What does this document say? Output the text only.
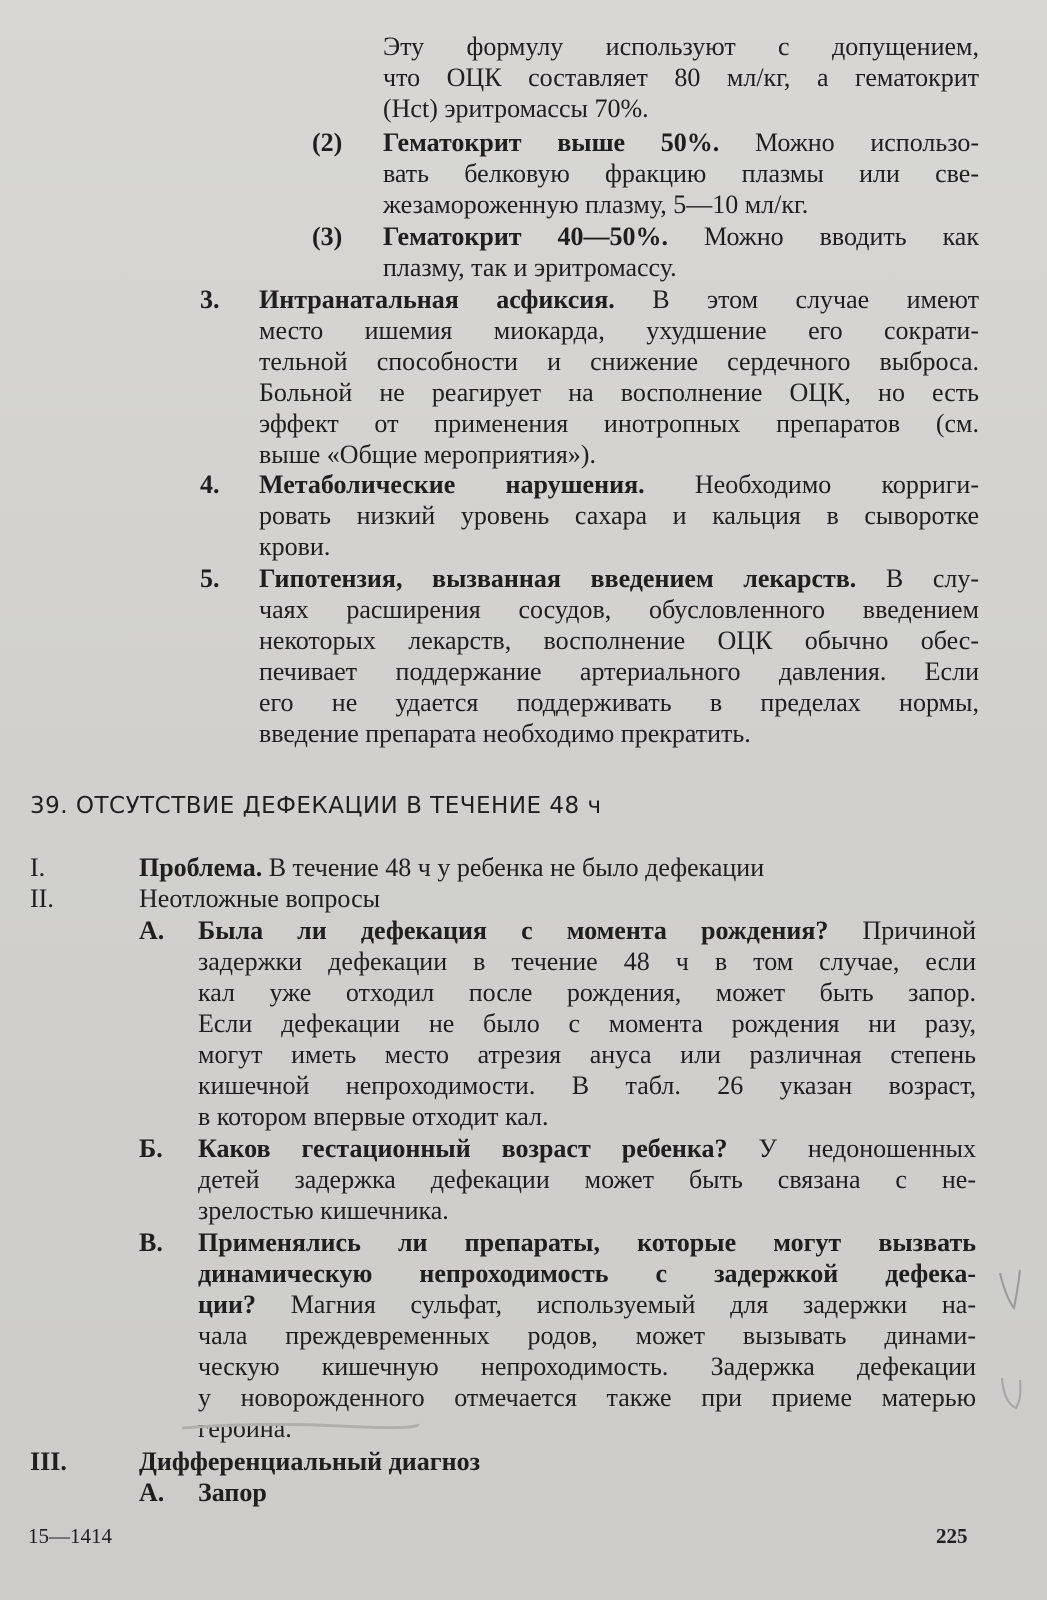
Эту формулу используют с допущением,
что ОЦК составляет 80 мл/кг, а гематокрит
(Hct) эритромассы 70%.
(2) Гематокрит выше 50%. Можно использо-
вать белковую фракцию плазмы или све-
жезамороженную плазму, 5—10 мл/кг.
(3) Гематокрит 40—50%. Можно вводить как
плазму, так и эритромассу.
3. Интранатальная асфиксия. В этом случае имеют
место ишемия миокарда, ухудшение его сократи-
тельной способности и снижение сердечного выброса.
Больной не реагирует на восполнение ОЦК, но есть
эффект от применения инотропных препаратов (см.
выше «Общие мероприятия»).
4. Метаболические нарушения. Необходимо корриги-
ровать низкий уровень сахара и кальция в сыворотке
крови.
5. Гипотензия, вызванная введением лекарств. В слу-
чаях расширения сосудов, обусловленного введением
некоторых лекарств, восполнение ОЦК обычно обес-
печивает поддержание артериального давления. Если
его не удается поддерживать в пределах нормы,
введение препарата необходимо прекратить.
39. ОТСУТСТВИЕ ДЕФЕКАЦИИ В ТЕЧЕНИЕ 48 ч
I.	Проблема. В течение 48 ч у ребенка не было дефекации
II.	Неотложные вопросы
А. Была ли дефекация с момента рождения? Причиной
задержки дефекации в течение 48 ч в том случае, если
кал уже отходил после рождения, может быть запор.
Если дефекации не было с момента рождения ни разу,
могут иметь место атрезия ануса или различная степень
кишечной непроходимости. В табл. 26 указан возраст,
в котором впервые отходит кал.
Б. Каков гестационный возраст ребенка? У недоношенных
детей задержка дефекации может быть связана с не-
зрелостью кишечника.
В. Применялись ли препараты, которые могут вызвать
динамическую непроходимость с задержкой дефека-
ции? Магния сульфат, используемый для задержки на-
чала преждевременных родов, может вызывать динами-
ческую кишечную непроходимость. Задержка дефекации
у новорожденного отмечается также при приеме матерью
героина.
III.	Дифференциальный диагноз
А. Запор
15—1414	225
